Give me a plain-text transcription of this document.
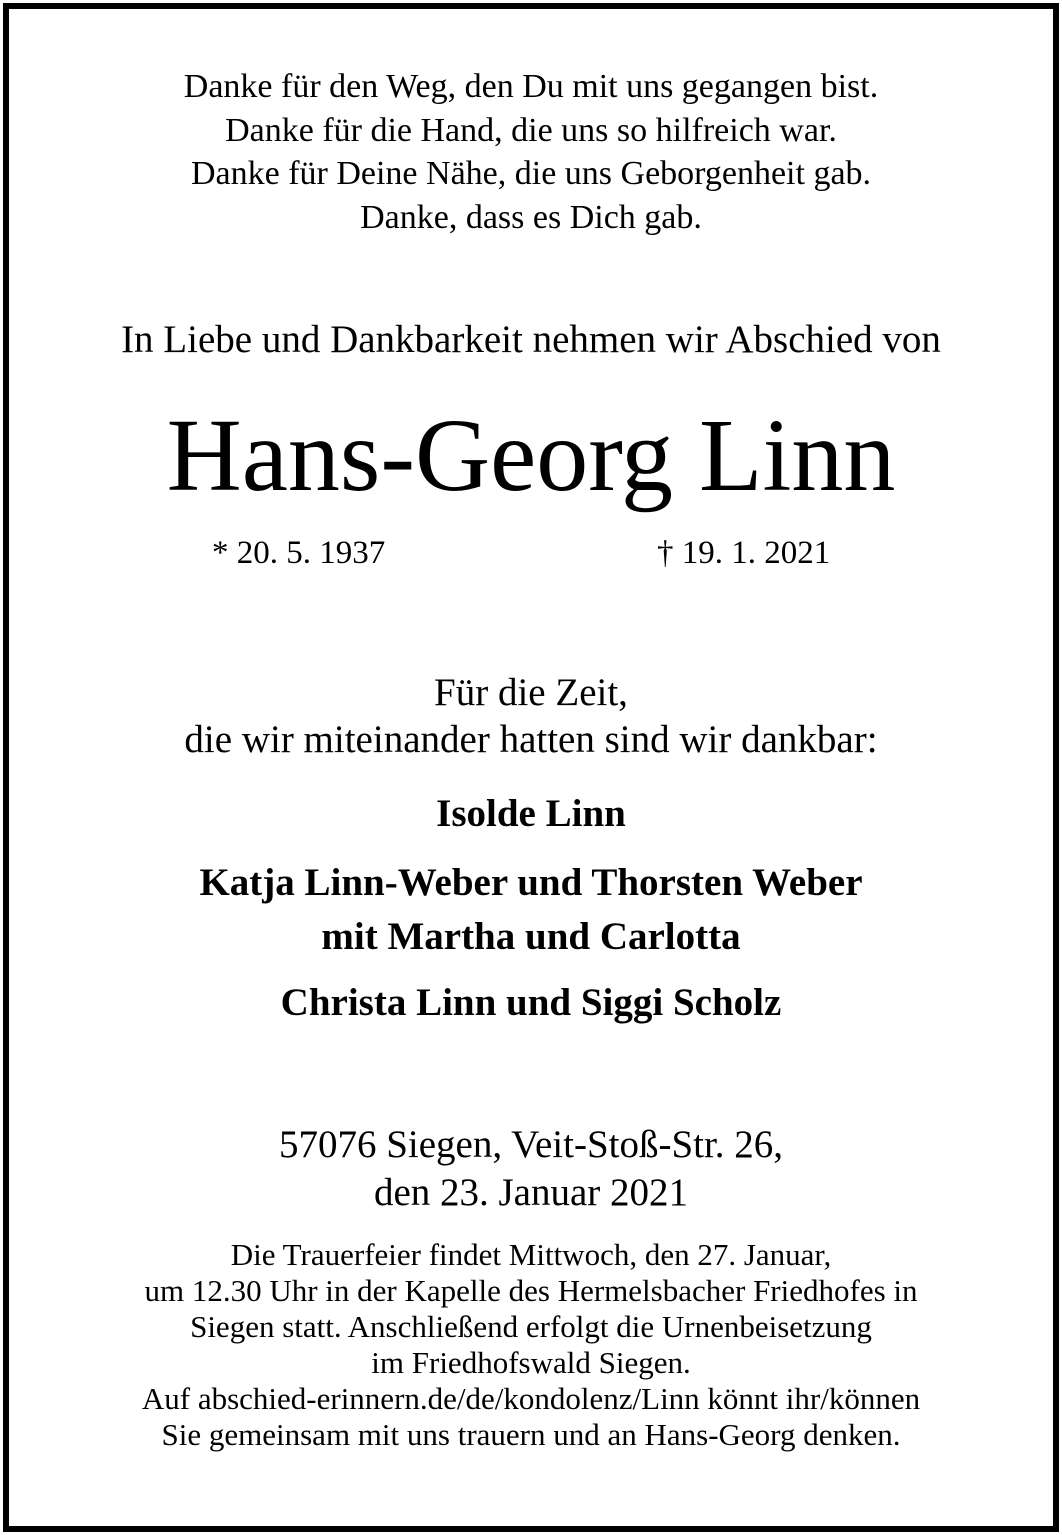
Danke für den Weg, den Du mit uns gegangen bist.
Danke für die Hand, die uns so hilfreich war.
Danke für Deine Nähe, die uns Geborgenheit gab.
Danke, dass es Dich gab.
In Liebe und Dankbarkeit nehmen wir Abschied von
Hans-Georg Linn
* 20. 5. 1937	† 19. 1. 2021
Für die Zeit,
die wir miteinander hatten sind wir dankbar:
Isolde Linn
Katja Linn-Weber und Thorsten Weber
mit Martha und Carlotta
Christa Linn und Siggi Scholz
57076 Siegen, Veit-Stoß-Str. 26,
den 23. Januar 2021
Die Trauerfeier findet Mittwoch, den 27. Januar,
um 12.30 Uhr in der Kapelle des Hermelsbacher Friedhofes in
Siegen statt. Anschließend erfolgt die Urnenbeisetzung
im Friedhofswald Siegen.
Auf abschied-erinnern.de/de/kondolenz/Linn könnt ihr/können
Sie gemeinsam mit uns trauern und an Hans-Georg denken.
